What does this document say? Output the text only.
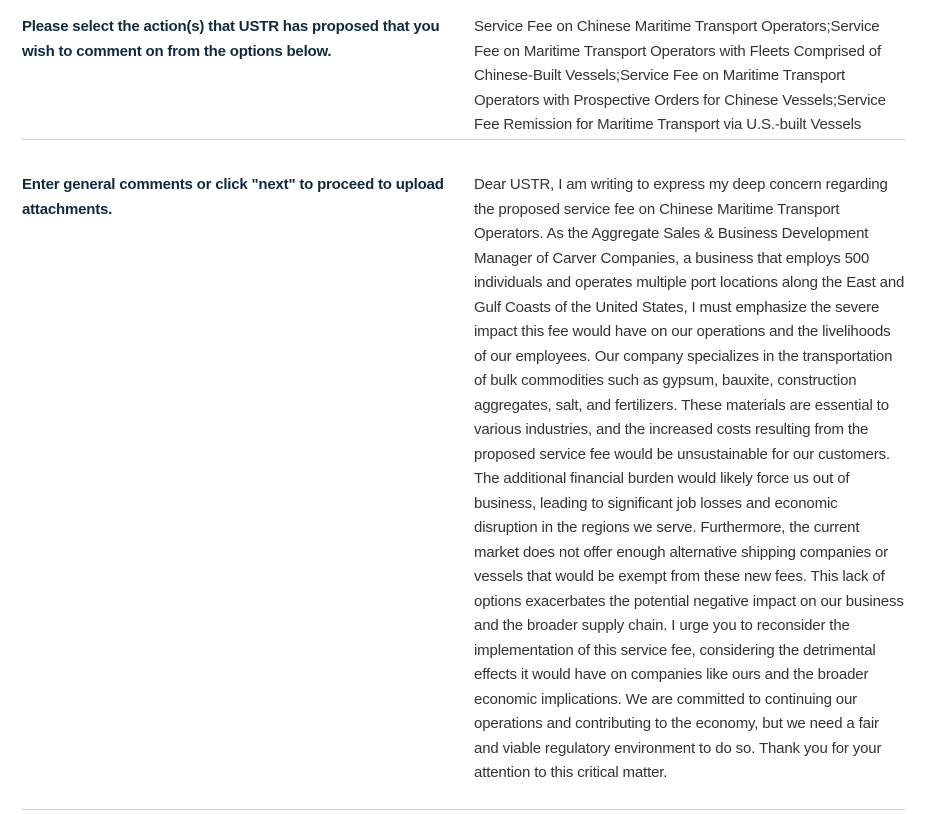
Please select the action(s) that USTR has proposed that you wish to comment on from the options below.
Service Fee on Chinese Maritime Transport Operators;Service Fee on Maritime Transport Operators with Fleets Comprised of Chinese-Built Vessels;Service Fee on Maritime Transport Operators with Prospective Orders for Chinese Vessels;Service Fee Remission for Maritime Transport via U.S.-built Vessels
Enter general comments or click "next" to proceed to upload attachments.
Dear USTR, I am writing to express my deep concern regarding the proposed service fee on Chinese Maritime Transport Operators. As the Aggregate Sales & Business Development Manager of Carver Companies, a business that employs 500 individuals and operates multiple port locations along the East and Gulf Coasts of the United States, I must emphasize the severe impact this fee would have on our operations and the livelihoods of our employees. Our company specializes in the transportation of bulk commodities such as gypsum, bauxite, construction aggregates, salt, and fertilizers. These materials are essential to various industries, and the increased costs resulting from the proposed service fee would be unsustainable for our customers. The additional financial burden would likely force us out of business, leading to significant job losses and economic disruption in the regions we serve. Furthermore, the current market does not offer enough alternative shipping companies or vessels that would be exempt from these new fees. This lack of options exacerbates the potential negative impact on our business and the broader supply chain. I urge you to reconsider the implementation of this service fee, considering the detrimental effects it would have on companies like ours and the broader economic implications. We are committed to continuing our operations and contributing to the economy, but we need a fair and viable regulatory environment to do so. Thank you for your attention to this critical matter.
